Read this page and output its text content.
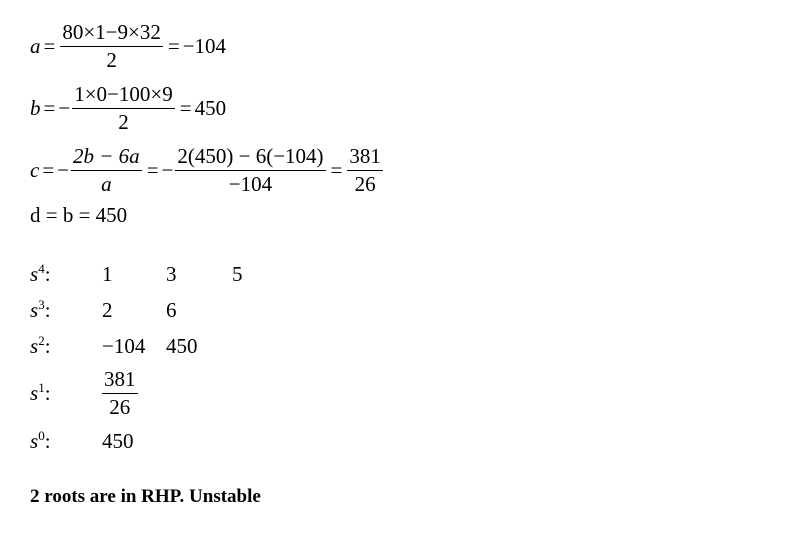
$a = \frac{80\times 1-9\times 32}{2} = -104$
b = − $\frac{1\times 0-100\times 9}{2} = 450$
c = − $\frac{2b - 6a}{a}$ = − $\frac{2(450) - 6(-104)}{-104} = \frac{381}{26}$
d = b = 450
$s^4$: 1	3	5
$s^3$: 2	6
$s^2$: −104 450
$s^1$: $\frac{381}{26}$
$s^0$: 450
2 roots are in RHP. Unstable
